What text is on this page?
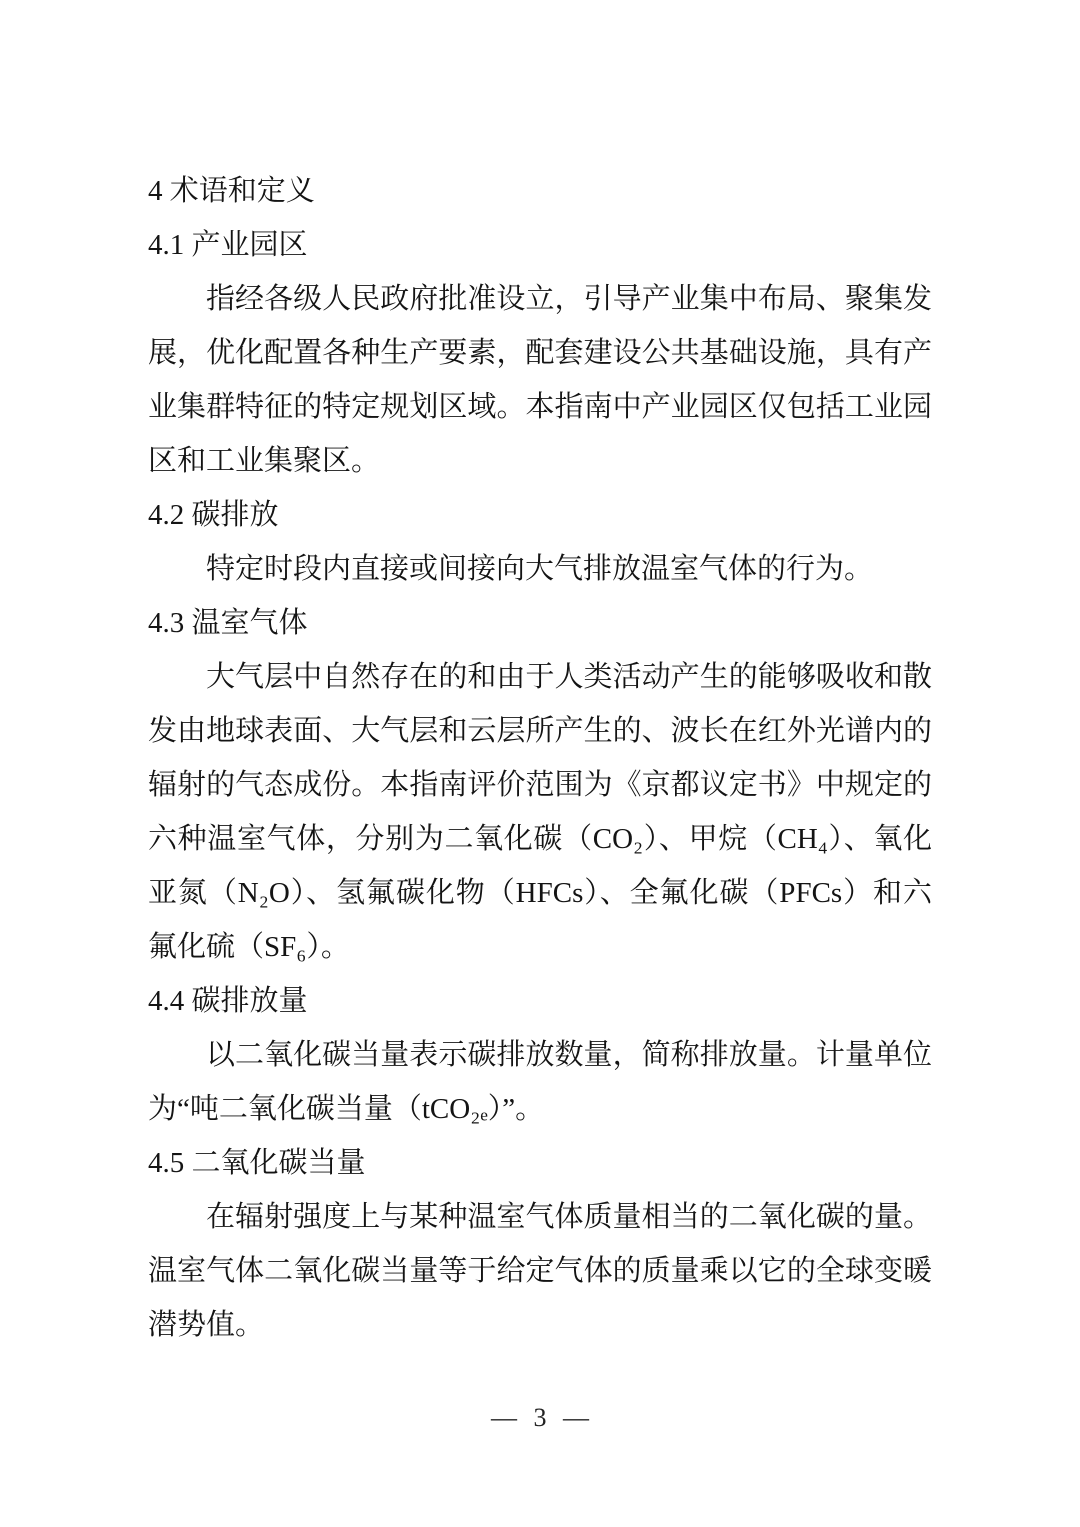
4 术语和定义
4.1 产业园区

指经各级人民政府批准设立，引导产业集中布局、聚集发展，优化配置各种生产要素，配套建设公共基础设施，具有产业集群特征的特定规划区域。本指南中产业园区仅包括工业园区和工业集聚区。

4.2 碳排放

特定时段内直接或间接向大气排放温室气体的行为。

4.3 温室气体

大气层中自然存在的和由于人类活动产生的能够吸收和散发由地球表面、大气层和云层所产生的、波长在红外光谱内的辐射的气态成份。本指南评价范围为《京都议定书》中规定的六种温室气体，分别为二氧化碳（CO₂）、甲烷（CH₄）、氧化亚氮（N₂O）、氢氟碳化物（HFCs）、全氟化碳（PFCs）和六氟化硫（SF₆）。

4.4 碳排放量

以二氧化碳当量表示碳排放数量，简称排放量。计量单位为“吨二氧化碳当量（tCO₂ₑ）”。

4.5 二氧化碳当量

在辐射强度上与某种温室气体质量相当的二氧化碳的量。温室气体二氧化碳当量等于给定气体的质量乘以它的全球变暖潜势值。

— 3 —
